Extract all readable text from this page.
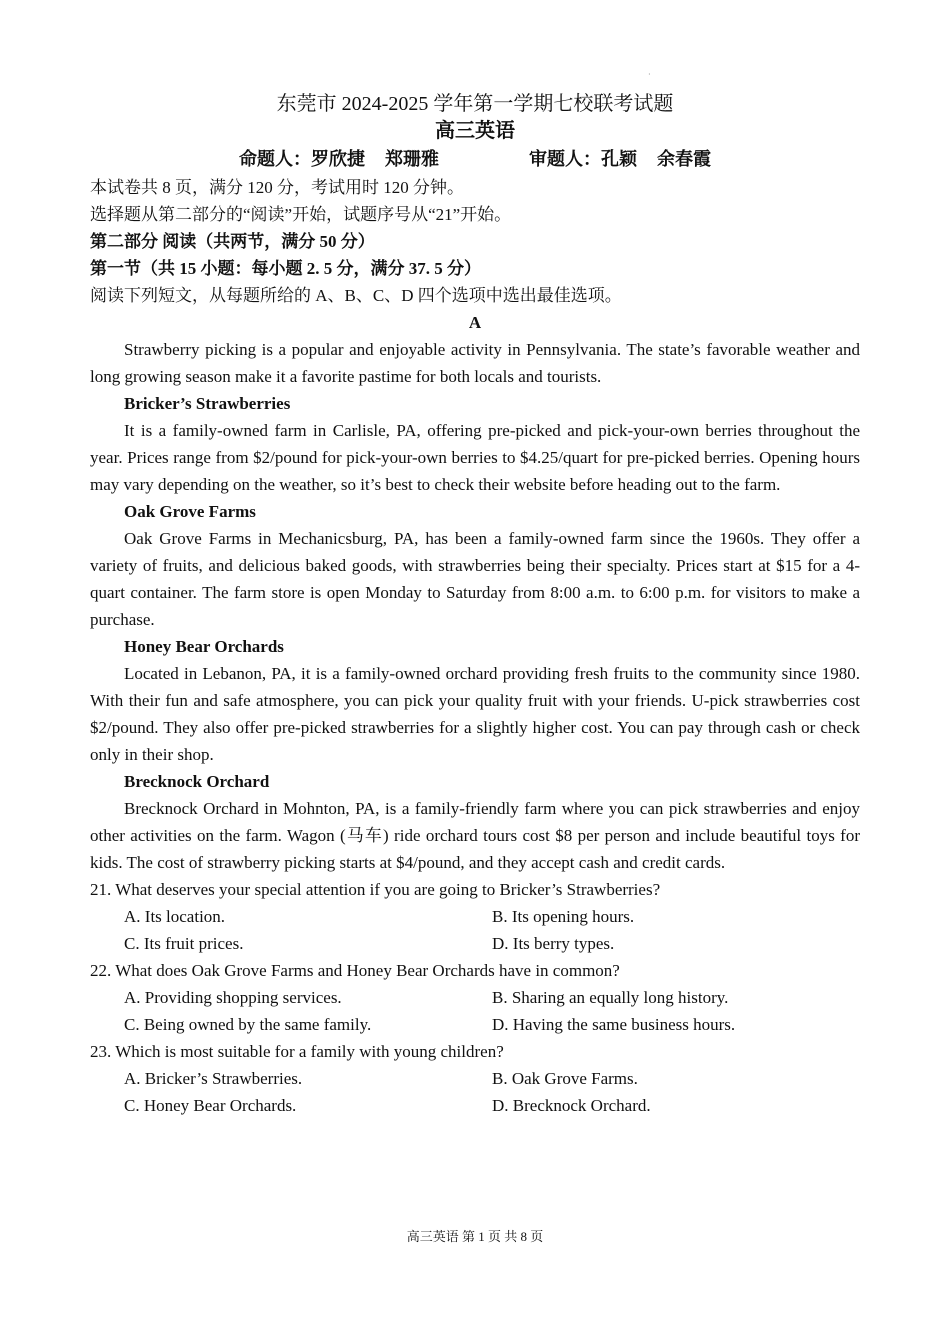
·

东莞市 2024-2025 学年第一学期七校联考试题

高三英语

命题人：罗欣捷 郑珊雅	审题人：孔颖 余春霞

本试卷共 8 页，满分 120 分，考试用时 120 分钟。

选择题从第二部分的“阅读”开始，试题序号从“21”开始。

第二部分 阅读（共两节，满分 50 分）

第一节（共 15 小题：每小题 2. 5 分，满分 37. 5 分）

阅读下列短文，从每题所给的 A、B、C、D 四个选项中选出最佳选项。

A

Strawberry picking is a popular and enjoyable activity in Pennsylvania. The state’s favorable weather and long growing season make it a favorite pastime for both locals and tourists.

Bricker’s Strawberries

It is a family-owned farm in Carlisle, PA, offering pre-picked and pick-your-own berries throughout the year. Prices range from $2/pound for pick-your-own berries to $4.25/quart for pre-picked berries. Opening hours may vary depending on the weather, so it’s best to check their website before heading out to the farm.

Oak Grove Farms

Oak Grove Farms in Mechanicsburg, PA, has been a family-owned farm since the 1960s. They offer a variety of fruits, and delicious baked goods, with strawberries being their specialty. Prices start at $15 for a 4-quart container. The farm store is open Monday to Saturday from 8:00 a.m. to 6:00 p.m. for visitors to make a purchase.

Honey Bear Orchards

Located in Lebanon, PA, it is a family-owned orchard providing fresh fruits to the community since 1980. With their fun and safe atmosphere, you can pick your quality fruit with your friends. U-pick strawberries cost $2/pound. They also offer pre-picked strawberries for a slightly higher cost. You can pay through cash or check only in their shop.

Brecknock Orchard

Brecknock Orchard in Mohnton, PA, is a family-friendly farm where you can pick strawberries and enjoy other activities on the farm. Wagon (马车) ride orchard tours cost $8 per person and include beautiful toys for kids. The cost of strawberry picking starts at $4/pound, and they accept cash and credit cards.

21. What deserves your special attention if you are going to Bricker’s Strawberries?

A. Its location.	B. Its opening hours.
C. Its fruit prices.	D. Its berry types.

22. What does Oak Grove Farms and Honey Bear Orchards have in common?

A. Providing shopping services.	B. Sharing an equally long history.
C. Being owned by the same family.	D. Having the same business hours.

23. Which is most suitable for a family with young children?

A. Bricker’s Strawberries.	B. Oak Grove Farms.
C. Honey Bear Orchards.	D. Brecknock Orchard.
高三英语 第 1 页 共 8 页
